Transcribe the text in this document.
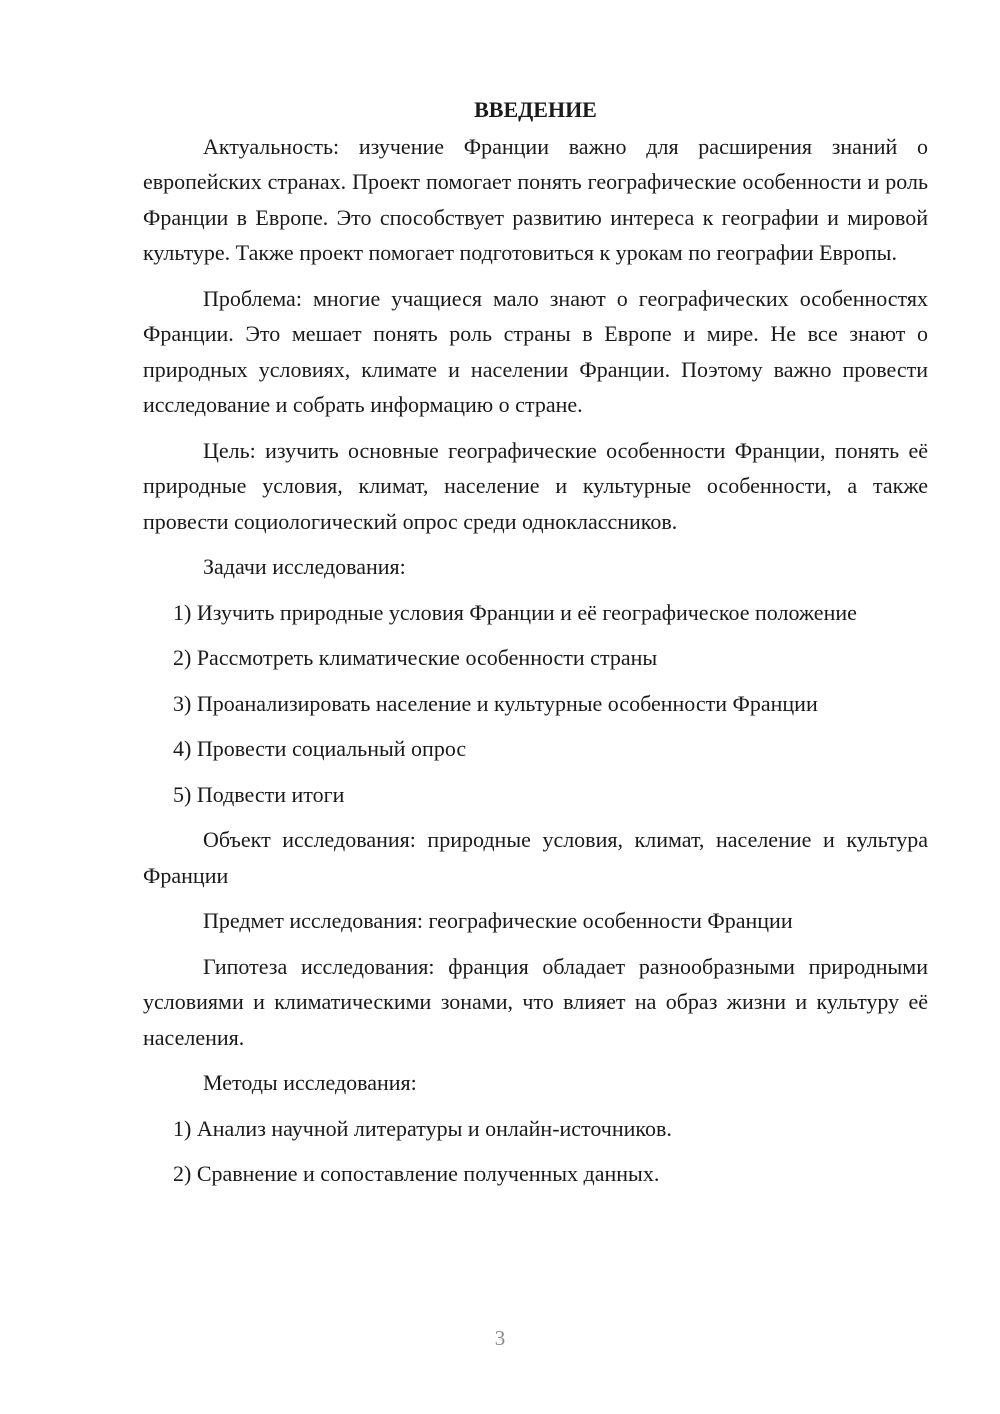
ВВЕДЕНИЕ

Актуальность: изучение Франции важно для расширения знаний о европейских странах. Проект помогает понять географические особенности и роль Франции в Европе. Это способствует развитию интереса к географии и мировой культуре. Также проект помогает подготовиться к урокам по географии Европы.

Проблема: многие учащиеся мало знают о географических особенностях Франции. Это мешает понять роль страны в Европе и мире. Не все знают о природных условиях, климате и населении Франции. Поэтому важно провести исследование и собрать информацию о стране.

Цель: изучить основные географические особенности Франции, понять её природные условия, климат, население и культурные особенности, а также провести социологический опрос среди одноклассников.

Задачи исследования:

1) Изучить природные условия Франции и её географическое положение

2) Рассмотреть климатические особенности страны

3) Проанализировать население и культурные особенности Франции

4) Провести социальный опрос

5) Подвести итоги

Объект исследования: природные условия, климат, население и культура Франции

Предмет исследования: географические особенности Франции

Гипотеза исследования: франция обладает разнообразными природными условиями и климатическими зонами, что влияет на образ жизни и культуру её населения.

Методы исследования:

1) Анализ научной литературы и онлайн-источников.

2) Сравнение и сопоставление полученных данных.

3
